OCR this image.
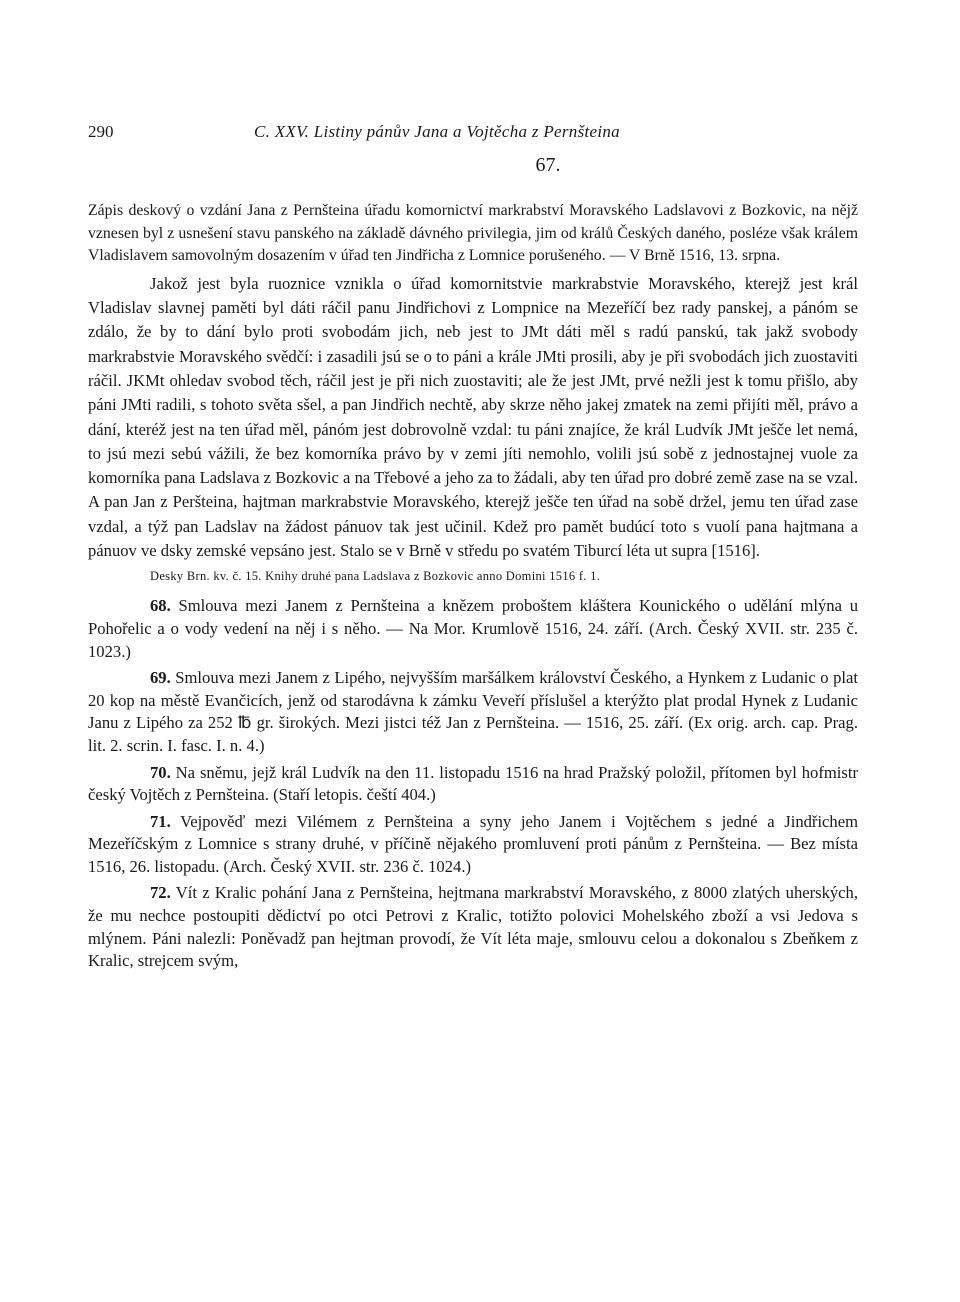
290	C. XXV. Listiny pánův Jana a Vojtěcha z Pernšteina
67.

Zápis deskový o vzdání Jana z Pernšteina úřadu komornictví markrabství Moravského Ladslavovi z Bozkovic, na nějž vznesen byl z usnešení stavu panského na základě dávného privilegia, jim od králů Českých daného, posléze však králem Vladislavem samovolným dosazením v úřad ten Jindřicha z Lomnice porušeného. — V Brně 1516, 13. srpna.

Jakož jest byla ruoznice vznikla o úřad komornitstvie markrabstvie Moravského, kterejž jest král Vladislav slavnej paměti byl dáti ráčil panu Jindřichovi z Lompnice na Mezeříčí bez rady panskej, a pánóm se zdálo, že by to dání bylo proti svobodám jich, neb jest to JMt dáti měl s radú panskú, tak jakž svobody markrabstvie Moravského svědčí: i zasadili jsú se o to páni a krále JMti prosili, aby je při svobodách jich zuostaviti ráčil. JKMt ohledav svobod těch, ráčil jest je při nich zuostaviti; ale že jest JMt, prvé nežli jest k tomu přišlo, aby páni JMti radili, s tohoto světa sšel, a pan Jindřich nechtě, aby skrze něho jakej zmatek na zemi přijíti měl, právo a dání, kteréž jest na ten úřad měl, pánóm jest dobrovolně vzdal: tu páni znajíce, že král Ludvík JMt ješče let nemá, to jsú mezi sebú vážili, že bez komorníka právo by v zemi jíti nemohlo, volili jsú sobě z jednostajnej vuole za komorníka pana Ladslava z Bozkovic a na Třebové a jeho za to žádali, aby ten úřad pro dobré země zase na se vzal. A pan Jan z Peršteina, hajtman markrabstvie Moravského, kterejž ješče ten úřad na sobě držel, jemu ten úřad zase vzdal, a týž pan Ladslav na žádost pánuov tak jest učinil. Kdež pro pamět budúcí toto s vuolí pana hajtmana a pánuov ve dsky zemské vepsáno jest. Stalo se v Brně v středu po svatém Tiburcí léta ut supra [1516].

Desky Brn. kv. č. 15. Knihy druhé pana Ladslava z Bozkovic anno Domini 1516 f. 1.

68. Smlouva mezi Janem z Pernšteina a knězem proboštem kláštera Kounického o udělání mlýna u Pohořelic a o vody vedení na něj i s něho. — Na Mor. Krumlově 1516, 24. září. (Arch. Český XVII. str. 235 č. 1023.)

69. Smlouva mezi Janem z Lipého, nejvyšším maršálkem království Českého, a Hynkem z Ludanic o plat 20 kop na městě Evančicích, jenž od starodávna k zámku Veveří příslušel a kterýžto plat prodal Hynek z Ludanic Janu z Lipého za 252 ℔ gr. širokých. Mezi jistci též Jan z Pernšteina. — 1516, 25. září. (Ex orig. arch. cap. Prag. lit. 2. scrin. I. fasc. I. n. 4.)

70. Na sněmu, jejž král Ludvík na den 11. listopadu 1516 na hrad Pražský položil, přítomen byl hofmistr český Vojtěch z Pernšteina. (Staří letopis. čeští 404.)

71. Vejpověď mezi Vilémem z Pernšteina a syny jeho Janem i Vojtěchem s jedné a Jindřichem Mezeříčským z Lomnice s strany druhé, v příčině nějakého promluvení proti pánům z Pernšteina. — Bez místa 1516, 26. listopadu. (Arch. Český XVII. str. 236 č. 1024.)

72. Vít z Kralic pohání Jana z Pernšteina, hejtmana markrabství Moravského, z 8000 zlatých uherských, že mu nechce postoupiti dědictví po otci Petrovi z Kralic, totižto polovici Mohelského zboží a vsi Jedova s mlýnem. Páni nalezli: Poněvadž pan hejtman provodí, že Vít léta maje, smlouvu celou a dokonalou s Zbeňkem z Kralic, strejcem svým,
